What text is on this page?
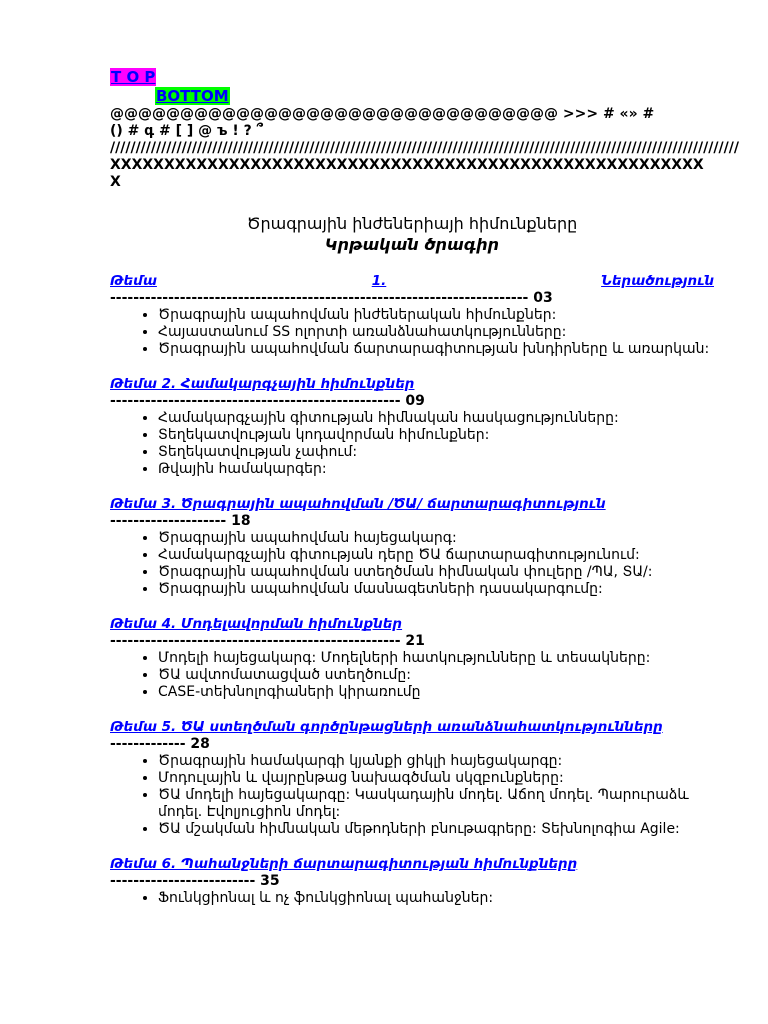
T O P
BOTTOM
@@@@@@@@@@@@@@@@@@@@@@@@@@@@@@@@ >>> # «» #
() # գ # [ ] @ ъ ! ? ՞
///////////////////////////////////////////////////////////////////////////////////////////////////////////////////////////
XXXXXXXXXXXXXXXXXXXXXXXXXXXXXXXXXXXXXXXXXXXXXXXXXXXXXXXX
Ծրագրային ինժեներիայի հիմունքները
Կրթական ծրագիր
Թեմա	1.	Ներածություն
------------------------------------------------------------------------ 03
• Ծրագրային ապահովման ինժեներական հիմունքներ:
• Հայաստանում SS ոլորտի առանձնահատկությունները:
• Ծրագրային ապահովման ճարտարագիտության խնդիրները և առարկան:
Թեմա 2. Համակարգչային հիմունքներ
-------------------------------------------------- 09
• Համակարգչային գիտության հիմնական հասկացությունները:
• Տեղեկատվության կոդավորման հիմունքներ:
• Տեղեկատվության չափում:
• Թվային համակարգեր:
Թեմա 3. Ծրագրային ապահովման /ԾԱ/ ճարտարագիտություն
-------------------- 18
• Ծրագրային ապահովման հայեցակարգ:
• Համակարգչային գիտության դերը ԾԱ ճարտարագիտությունում:
• Ծրագրային ապահովման ստեղծման հիմնական փուլերը /ՊԱ, ՏԱ/:
• Ծրագրային ապահովման մասնագետների դասակարգումը:
Թեմա 4. Մոդելավորման հիմունքներ
-------------------------------------------------- 21
• Մոդելի հայեցակարգ: Մոդելների հատկությունները և տեսակները:
• ԾԱ ավտոմատացված ստեղծումը:
• CASE-տեխնոլոգիաների կիրառումը
Թեմա 5. ԾԱ ստեղծման գործընթացների առանձնահատկությունները
------------- 28
• Ծրագրային համակարգի կյանքի ցիկլի հայեցակարգը:
• Մոդուլային և վայրընթաց նախագծման սկզբունքները:
• ԾԱ մոդելի հայեցակարգը: Կասկադային մոդել. Աճող մոդել. Պարուրաձև մոդել. Էվոլյուցիոն մոդել:
• ԾԱ մշակման հիմնական մեթոդների բնութագրերը: Տեխնոլոգիա Agile:
Թեմա 6. Պահանջների ճարտարագիտության հիմունքները
------------------------- 35
• Ֆունկցիոնալ և ոչ ֆունկցիոնալ պահանջներ:
